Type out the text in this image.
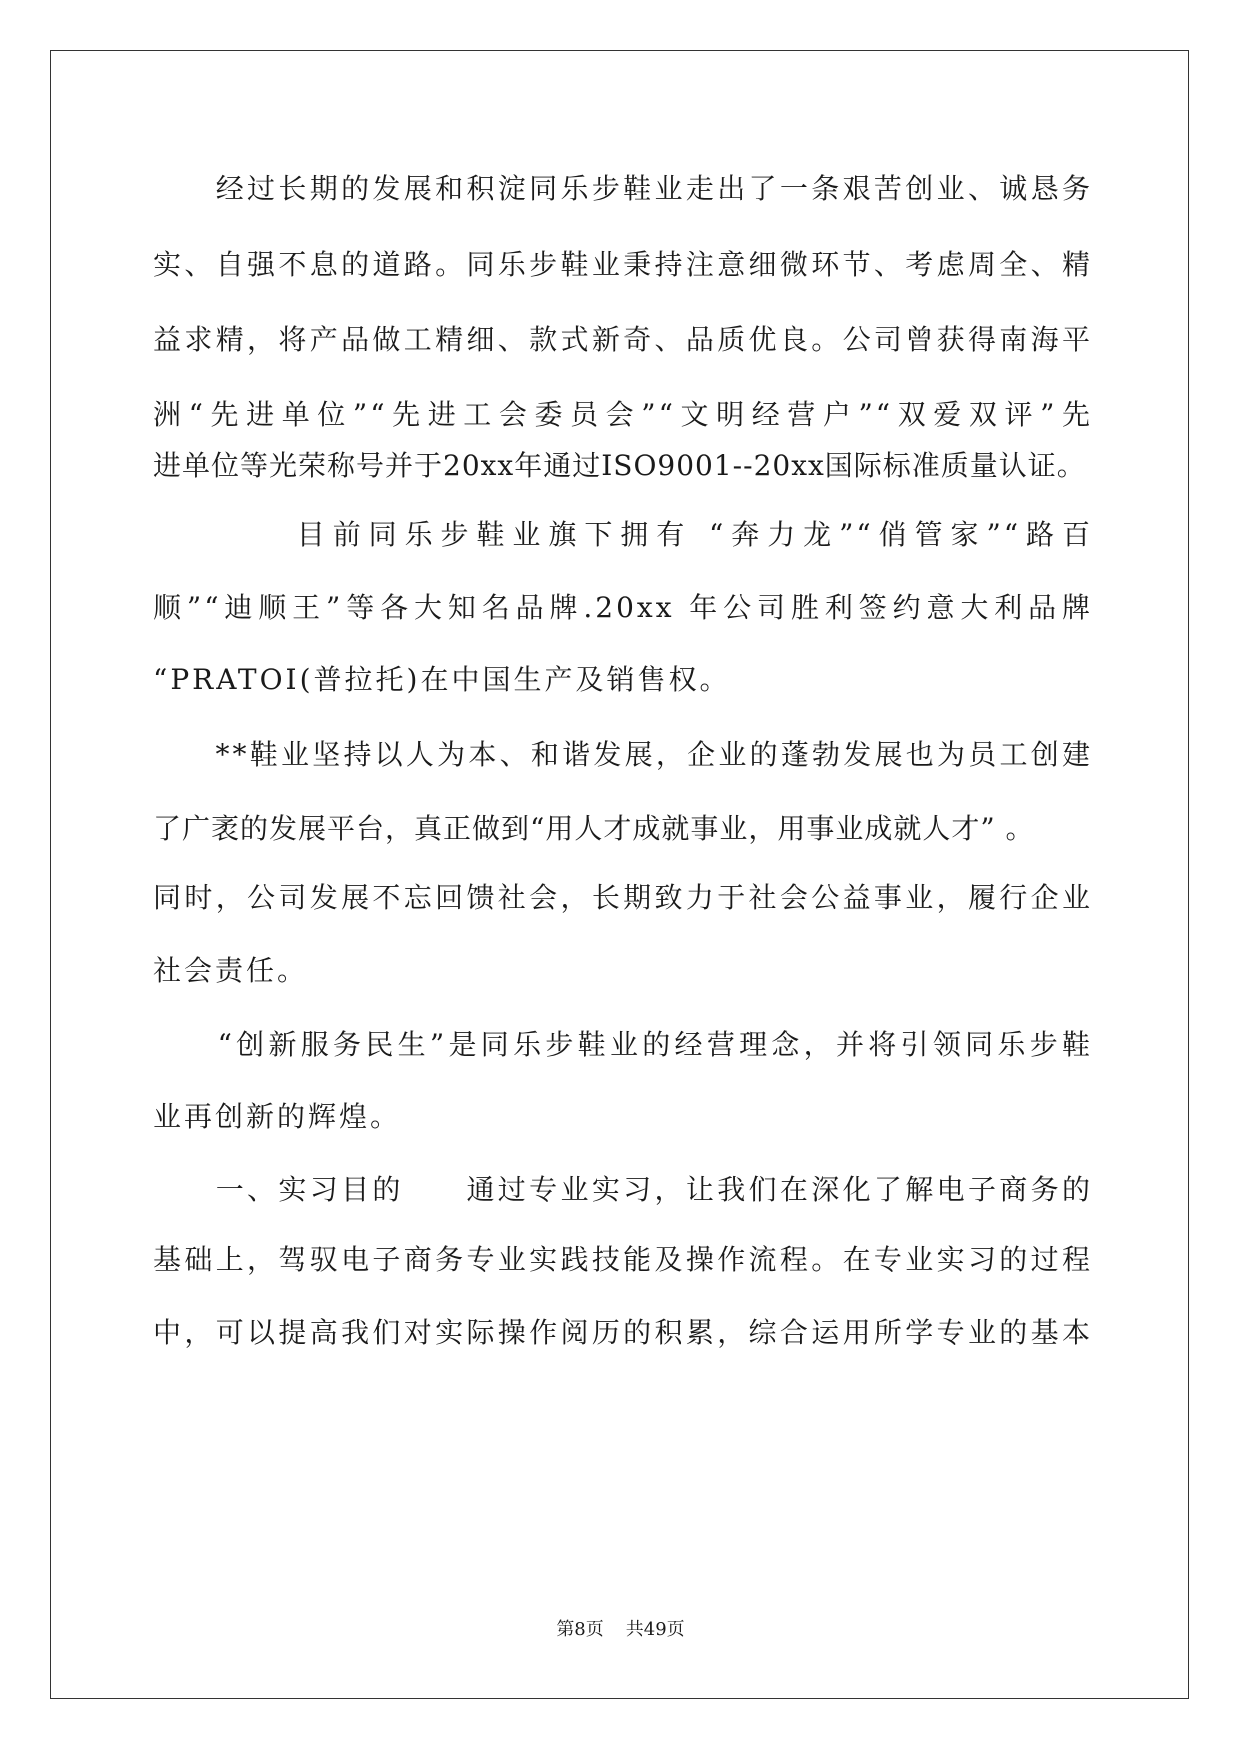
　　经过长期的发展和积淀同乐步鞋业走出了一条艰苦创业、诚恳务
实、自强不息的道路。同乐步鞋业秉持注意细微环节、考虑周全、精
益求精，将产品做工精细、款式新奇、品质优良。公司曾获得南海平
洲“先进单位”“先进工会委员会”“文明经营户”“双爱双评”先
进单位等光荣称号并于20xx年通过ISO9001--20xx国际标准质量认证。
　　　　目前同乐步鞋业旗下拥有 “奔力龙”“俏管家”“路百
顺”“迪顺王”等各大知名品牌.20xx 年公司胜利签约意大利品牌
“PRATOI(普拉托)在中国生产及销售权。
　　**鞋业坚持以人为本、和谐发展，企业的蓬勃发展也为员工创建
了广袤的发展平台，真正做到“用人才成就事业，用事业成就人才” 。
同时，公司发展不忘回馈社会，长期致力于社会公益事业，履行企业
社会责任。
　　“创新服务民生”是同乐步鞋业的经营理念，并将引领同乐步鞋
业再创新的辉煌。
　　一、实习目的　　通过专业实习，让我们在深化了解电子商务的
基础上，驾驭电子商务专业实践技能及操作流程。在专业实习的过程
中，可以提高我们对实际操作阅历的积累，综合运用所学专业的基本
第8页 共49页
